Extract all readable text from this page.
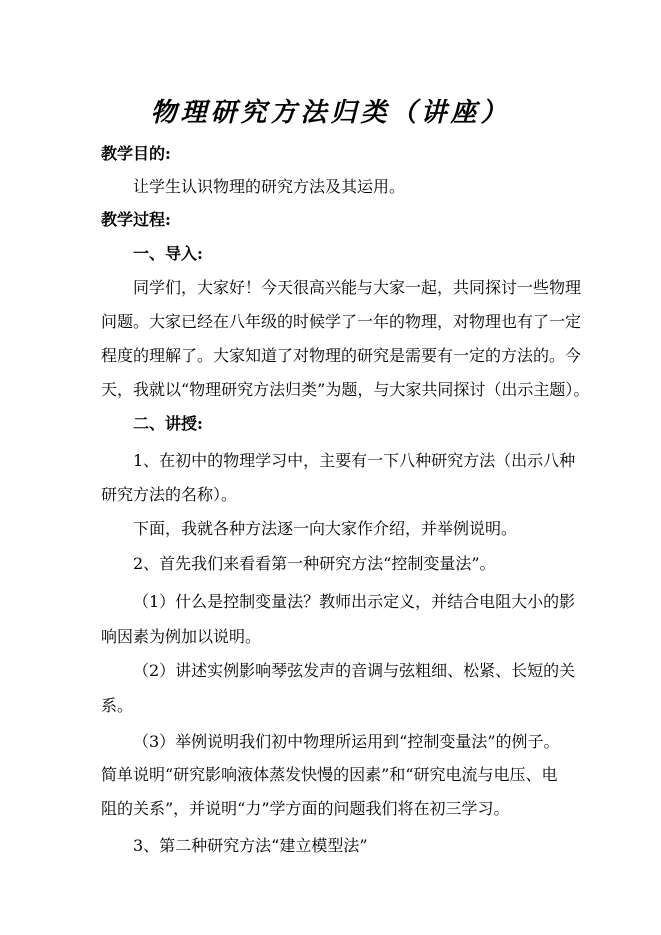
物理研究方法归类（讲座）
教学目的:
让学生认识物理的研究方法及其运用。
教学过程:
一、导入:
同学们，大家好！今天很高兴能与大家一起，共同探讨一些物理
问题。大家已经在八年级的时候学了一年的物理，对物理也有了一定
程度的理解了。大家知道了对物理的研究是需要有一定的方法的。今
天，我就以“物理研究方法归类”为题，与大家共同探讨（出示主题）。
二、讲授:
1、在初中的物理学习中，主要有一下八种研究方法（出示八种
研究方法的名称）。
下面，我就各种方法逐一向大家作介绍，并举例说明。
2、首先我们来看看第一种研究方法“控制变量法”。
（1）什么是控制变量法？教师出示定义，并结合电阻大小的影
响因素为例加以说明。
（2）讲述实例影响琴弦发声的音调与弦粗细、松紧、长短的关
系。
（3）举例说明我们初中物理所运用到“控制变量法”的例子。
简单说明“研究影响液体蒸发快慢的因素”和“研究电流与电压、电
阻的关系”，并说明“力”学方面的问题我们将在初三学习。
3、第二种研究方法“建立模型法”
